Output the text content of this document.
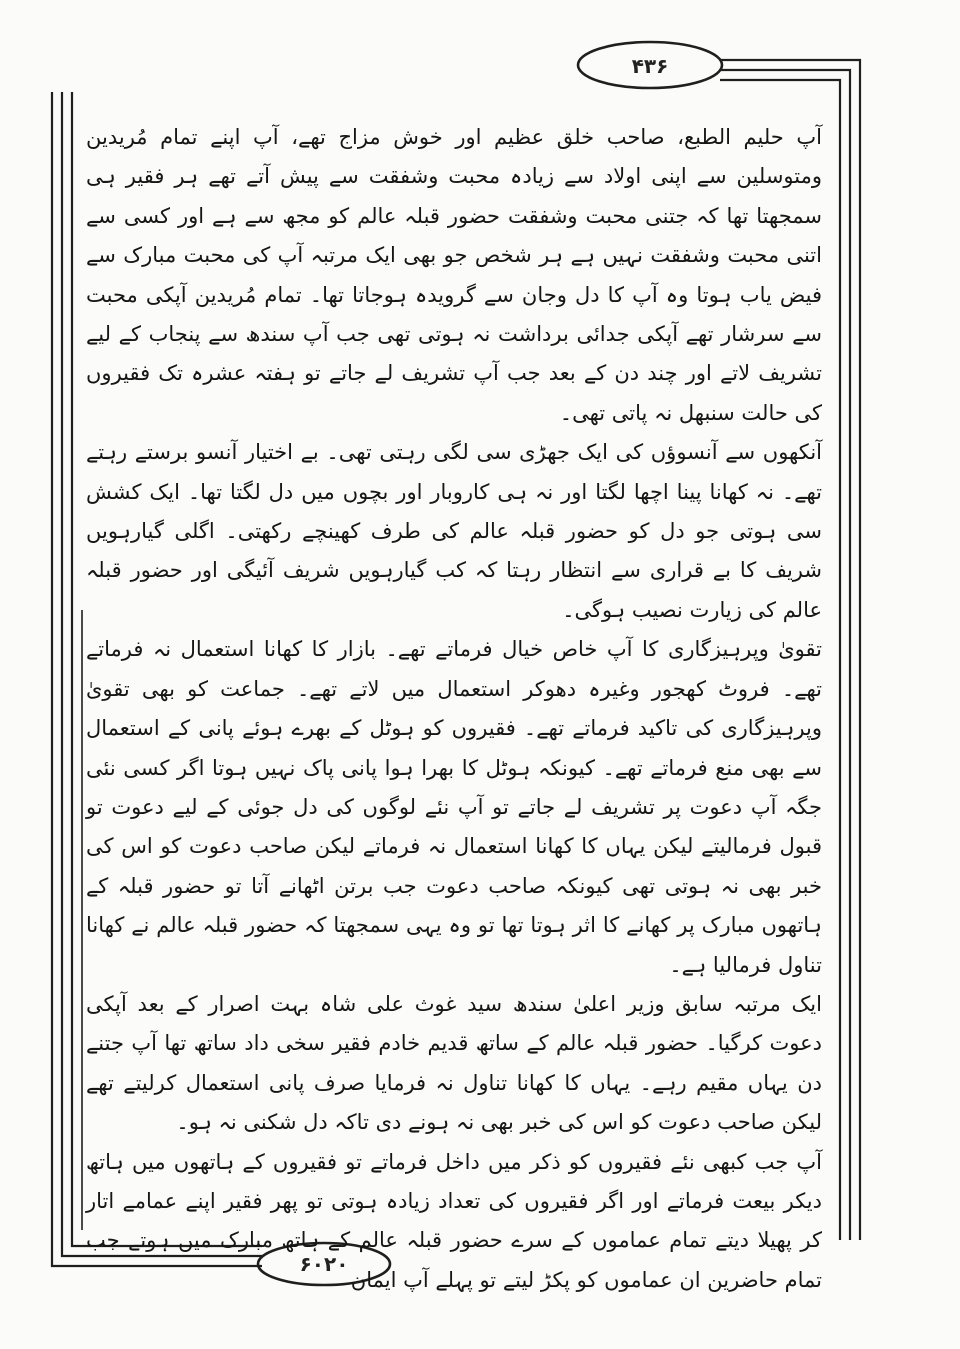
۴۳۶
۶۰۲۰

آپ حلیم الطبع، صاحب خلق عظیم اور خوش مزاج تھے، آپ اپنے تمام مُریدین ومتوسلین سے اپنی اولاد سے زیادہ محبت وشفقت سے پیش آتے تھے ہر فقیر ہی سمجھتا تھا کہ جتنی محبت وشفقت حضور قبلہ عالم کو مجھ سے ہے اور کسی سے اتنی محبت وشفقت نہیں ہے ہر شخص جو بھی ایک مرتبہ آپ کی محبت مبارک سے فیض یاب ہوتا وہ آپ کا دل وجان سے گرویدہ ہوجاتا تھا۔ تمام مُریدین آپکی محبت سے سرشار تھے آپکی جدائی برداشت نہ ہوتی تھی جب آپ سندھ سے پنجاب کے لیے تشریف لاتے اور چند دن کے بعد جب آپ تشریف لے جاتے تو ہفتہ عشرہ تک فقیروں کی حالت سنبھل نہ پاتی تھی۔

آنکھوں سے آنسوؤں کی ایک جھڑی سی لگی رہتی تھی۔ بے اختیار آنسو برستے رہتے تھے۔ نہ کھانا پینا اچھا لگتا اور نہ ہی کاروبار اور بچوں میں دل لگتا تھا۔ ایک کشش سی ہوتی جو دل کو حضور قبلہ عالم کی طرف کھینچے رکھتی۔ اگلی گیارہویں شریف کا بے قراری سے انتظار رہتا کہ کب گیارہویں شریف آئیگی اور حضور قبلہ عالم کی زیارت نصیب ہوگی۔

تقویٰ وپرہیزگاری کا آپ خاص خیال فرماتے تھے۔ بازار کا کھانا استعمال نہ فرماتے تھے۔ فروٹ کھجور وغیرہ دھوکر استعمال میں لاتے تھے۔ جماعت کو بھی تقویٰ وپرہیزگاری کی تاکید فرماتے تھے۔ فقیروں کو ہوٹل کے بھرے ہوئے پانی کے استعمال سے بھی منع فرماتے تھے۔ کیونکہ ہوٹل کا بھرا ہوا پانی پاک نہیں ہوتا اگر کسی نئی جگہ آپ دعوت پر تشریف لے جاتے تو آپ نئے لوگوں کی دل جوئی کے لیے دعوت تو قبول فرمالیتے لیکن یہاں کا کھانا استعمال نہ فرماتے لیکن صاحب دعوت کو اس کی خبر بھی نہ ہوتی تھی کیونکہ صاحب دعوت جب برتن اٹھانے آتا تو حضور قبلہ کے ہاتھوں مبارک پر کھانے کا اثر ہوتا تھا تو وہ یہی سمجھتا کہ حضور قبلہ عالم نے کھانا تناول فرمالیا ہے۔

ایک مرتبہ سابق وزیر اعلیٰ سندھ سید غوث علی شاہ بہت اصرار کے بعد آپکی دعوت کرگیا۔ حضور قبلہ عالم کے ساتھ قدیم خادم فقیر سخی داد ساتھ تھا آپ جتنے دن یہاں مقیم رہے۔ یہاں کا کھانا تناول نہ فرمایا صرف پانی استعمال کرلیتے تھے لیکن صاحب دعوت کو اس کی خبر بھی نہ ہونے دی تاکہ دل شکنی نہ ہو۔

آپ جب کبھی نئے فقیروں کو ذکر میں داخل فرماتے تو فقیروں کے ہاتھوں میں ہاتھ دیکر بیعت فرماتے اور اگر فقیروں کی تعداد زیادہ ہوتی تو پھر فقیر اپنے عمامے اتار کر پھیلا دیتے تمام عماموں کے سرے حضور قبلہ عالم کے ہاتھ مبارک میں ہوتے جب تمام حاضرین ان عماموں کو پکڑ لیتے تو پہلے آپ ایمان
